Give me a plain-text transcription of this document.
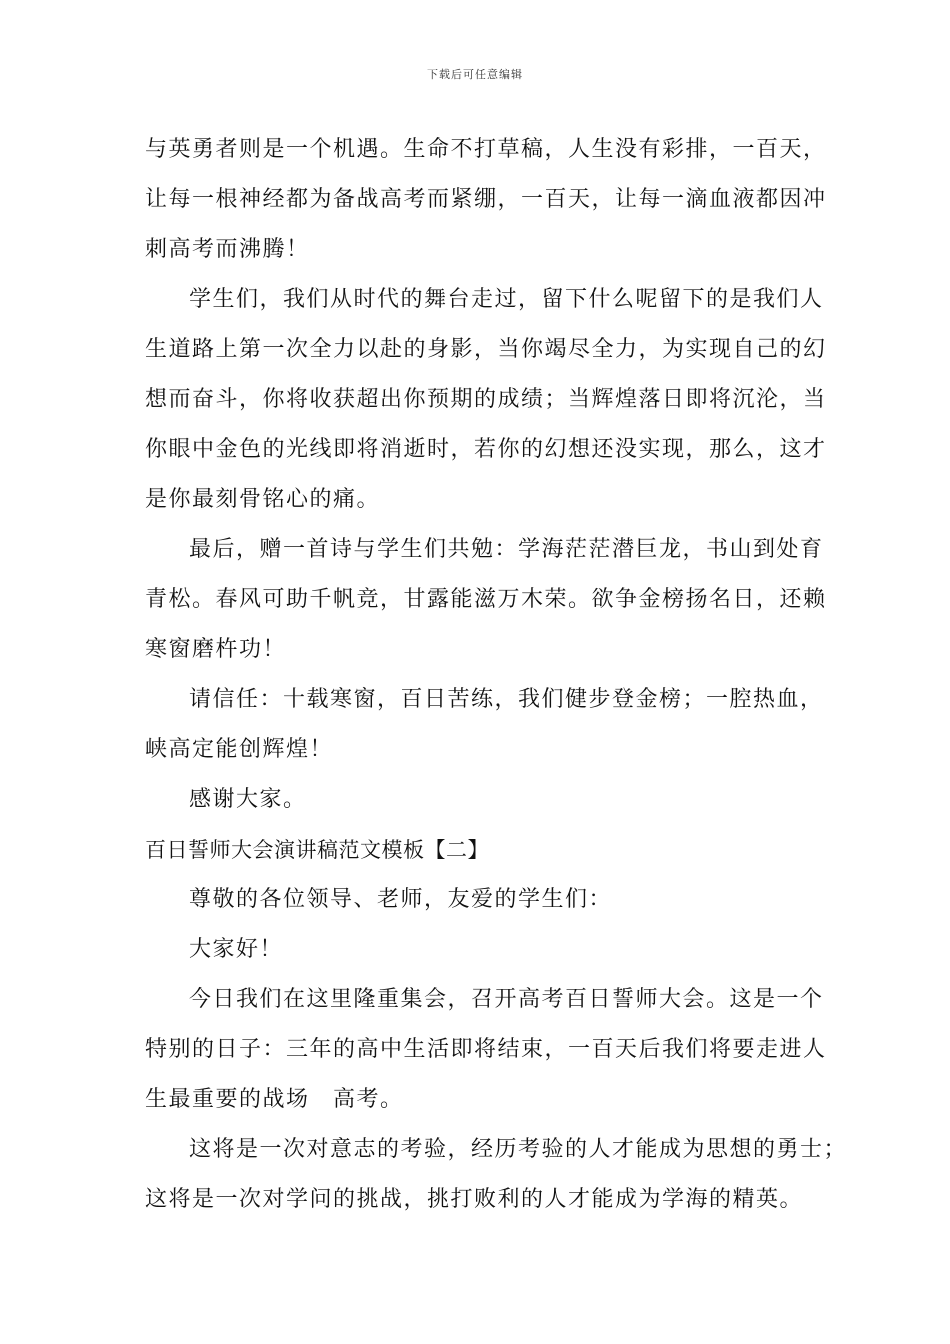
下载后可任意编辑
与英勇者则是一个机遇。生命不打草稿，人生没有彩排，一百天，
让每一根神经都为备战高考而紧绷，一百天，让每一滴血液都因冲
刺高考而沸腾！
学生们，我们从时代的舞台走过，留下什么呢留下的是我们人
生道路上第一次全力以赴的身影，当你竭尽全力，为实现自己的幻
想而奋斗，你将收获超出你预期的成绩；当辉煌落日即将沉沦，当
你眼中金色的光线即将消逝时，若你的幻想还没实现，那么，这才
是你最刻骨铭心的痛。
最后，赠一首诗与学生们共勉：学海茫茫潜巨龙，书山到处育
青松。春风可助千帆竞，甘露能滋万木荣。欲争金榜扬名日，还赖
寒窗磨杵功！
请信任：十载寒窗，百日苦练，我们健步登金榜；一腔热血，
峡高定能创辉煌！
感谢大家。
百日誓师大会演讲稿范文模板【二】
尊敬的各位领导、老师，友爱的学生们：
大家好！
今日我们在这里隆重集会，召开高考百日誓师大会。这是一个
特别的日子：三年的高中生活即将结束，一百天后我们将要走进人
生最重要的战场　高考。
这将是一次对意志的考验，经历考验的人才能成为思想的勇士；
这将是一次对学问的挑战，挑打败利的人才能成为学海的精英。
